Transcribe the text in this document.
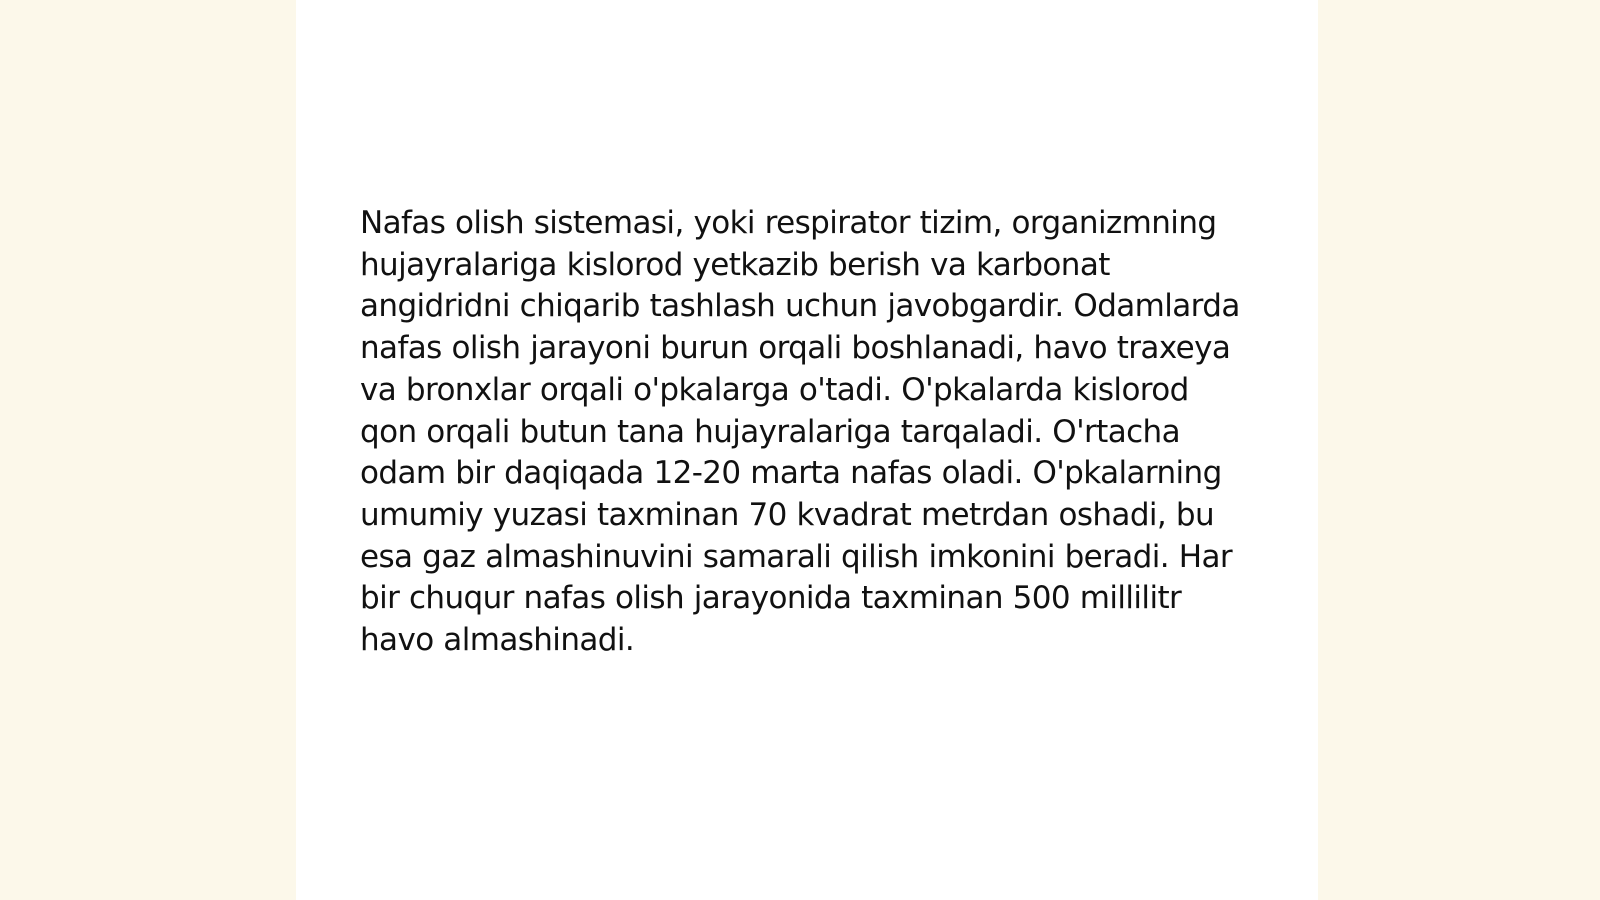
Nafas olish sistemasi, yoki respirator tizim, organizmning hujayralariga kislorod yetkazib berish va karbonat angidridni chiqarib tashlash uchun javobgardir. Odamlarda nafas olish jarayoni burun orqali boshlanadi, havo traxeya va bronxlar orqali o'pkalarga o'tadi. O'pkalarda kislorod qon orqali butun tana hujayralariga tarqaladi. O'rtacha odam bir daqiqada 12-20 marta nafas oladi. O'pkalarning umumiy yuzasi taxminan 70 kvadrat metrdan oshadi, bu esa gaz almashinuvini samarali qilish imkonini beradi. Har bir chuqur nafas olish jarayonida taxminan 500 millilitr havo almashinadi.
